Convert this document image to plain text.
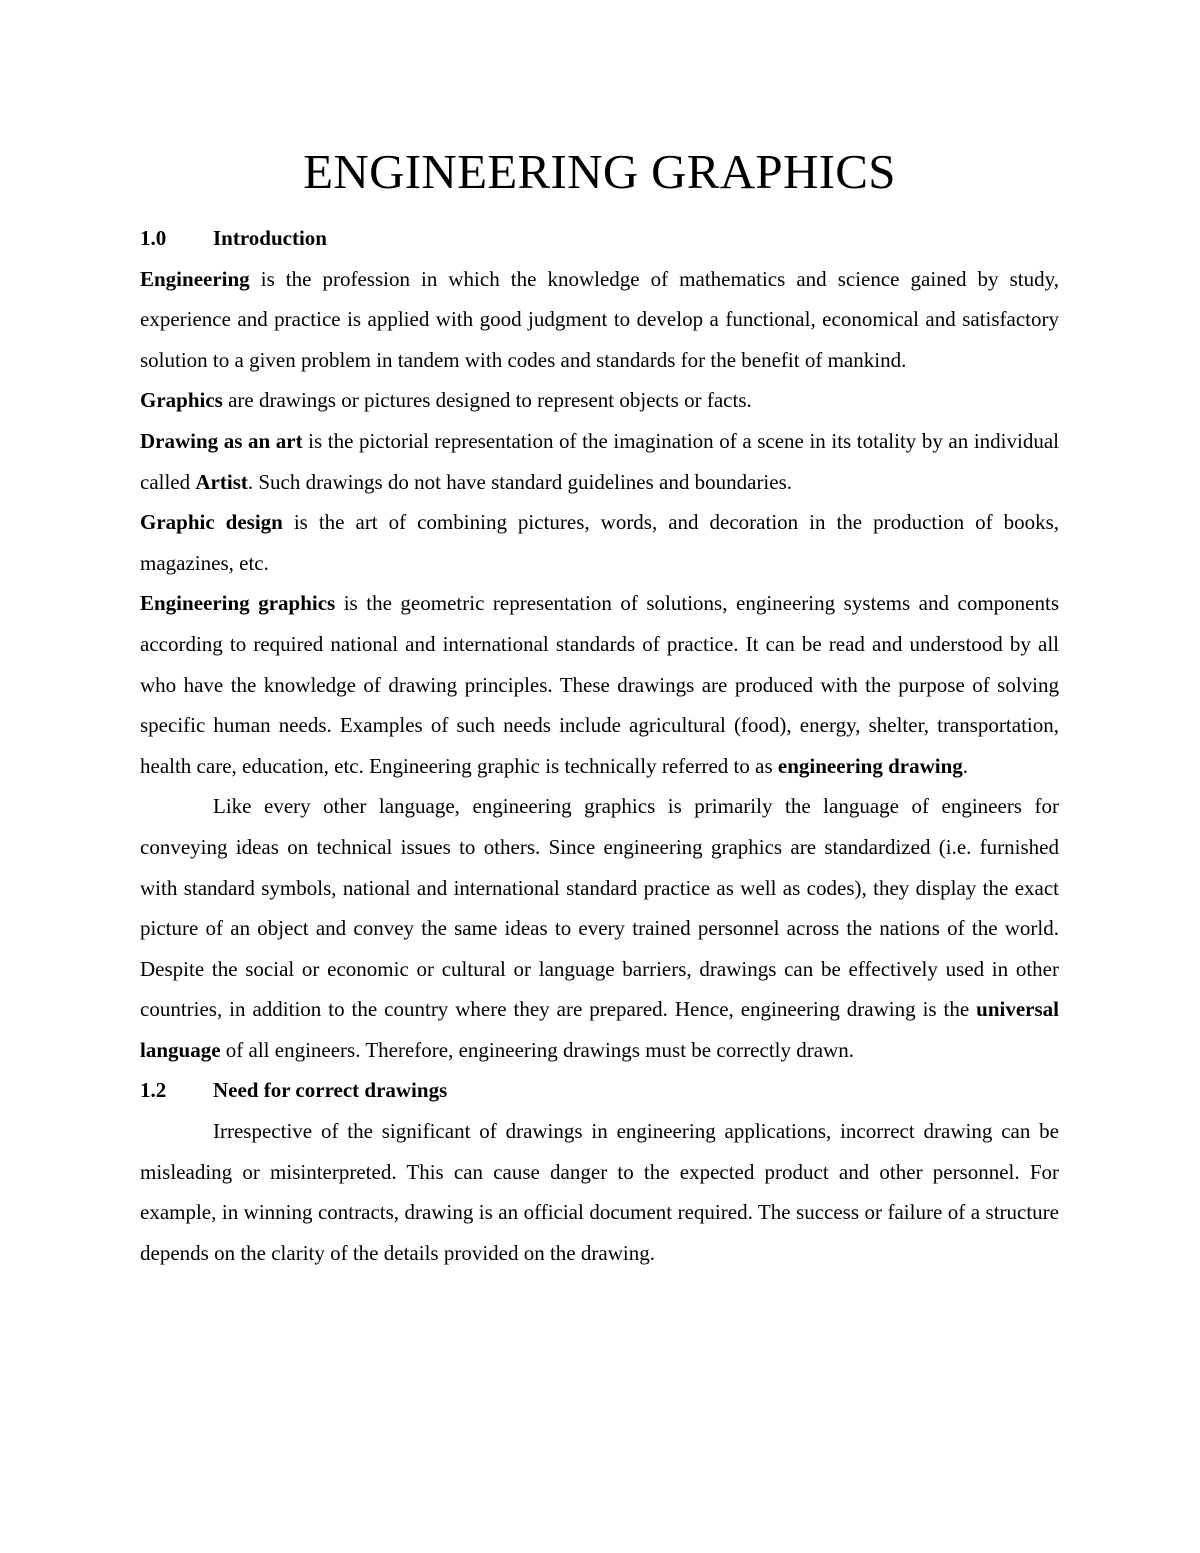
ENGINEERING GRAPHICS
1.0 Introduction

Engineering is the profession in which the knowledge of mathematics and science gained by study, experience and practice is applied with good judgment to develop a functional, economical and satisfactory solution to a given problem in tandem with codes and standards for the benefit of mankind.

Graphics are drawings or pictures designed to represent objects or facts.

Drawing as an art is the pictorial representation of the imagination of a scene in its totality by an individual called Artist. Such drawings do not have standard guidelines and boundaries.

Graphic design is the art of combining pictures, words, and decoration in the production of books, magazines, etc.

Engineering graphics is the geometric representation of solutions, engineering systems and components according to required national and international standards of practice. It can be read and understood by all who have the knowledge of drawing principles. These drawings are produced with the purpose of solving specific human needs. Examples of such needs include agricultural (food), energy, shelter, transportation, health care, education, etc. Engineering graphic is technically referred to as engineering drawing.

Like every other language, engineering graphics is primarily the language of engineers for conveying ideas on technical issues to others. Since engineering graphics are standardized (i.e. furnished with standard symbols, national and international standard practice as well as codes), they display the exact picture of an object and convey the same ideas to every trained personnel across the nations of the world. Despite the social or economic or cultural or language barriers, drawings can be effectively used in other countries, in addition to the country where they are prepared. Hence, engineering drawing is the universal language of all engineers. Therefore, engineering drawings must be correctly drawn.

1.2 Need for correct drawings

Irrespective of the significant of drawings in engineering applications, incorrect drawing can be misleading or misinterpreted. This can cause danger to the expected product and other personnel. For example, in winning contracts, drawing is an official document required. The success or failure of a structure depends on the clarity of the details provided on the drawing.
